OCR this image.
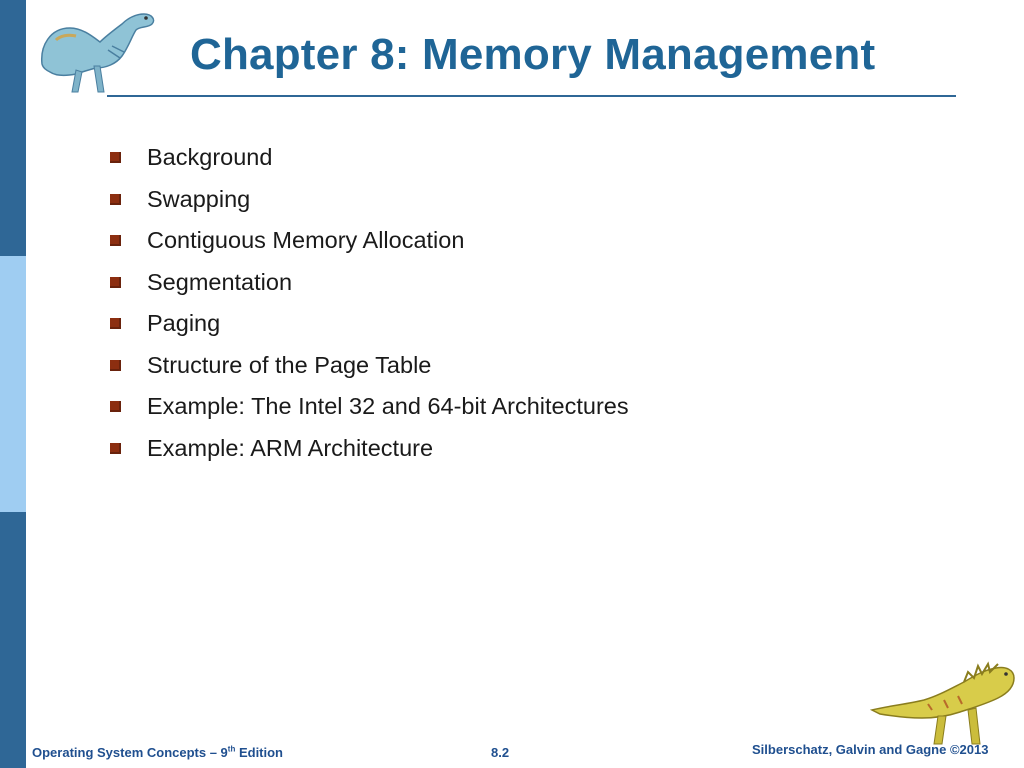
Chapter 8: Memory Management
Background
Swapping
Contiguous Memory Allocation
Segmentation
Paging
Structure of the Page Table
Example: The Intel 32 and 64-bit Architectures
Example: ARM Architecture
Operating System Concepts – 9th Edition	8.2	Silberschatz, Galvin and Gagne ©2013
